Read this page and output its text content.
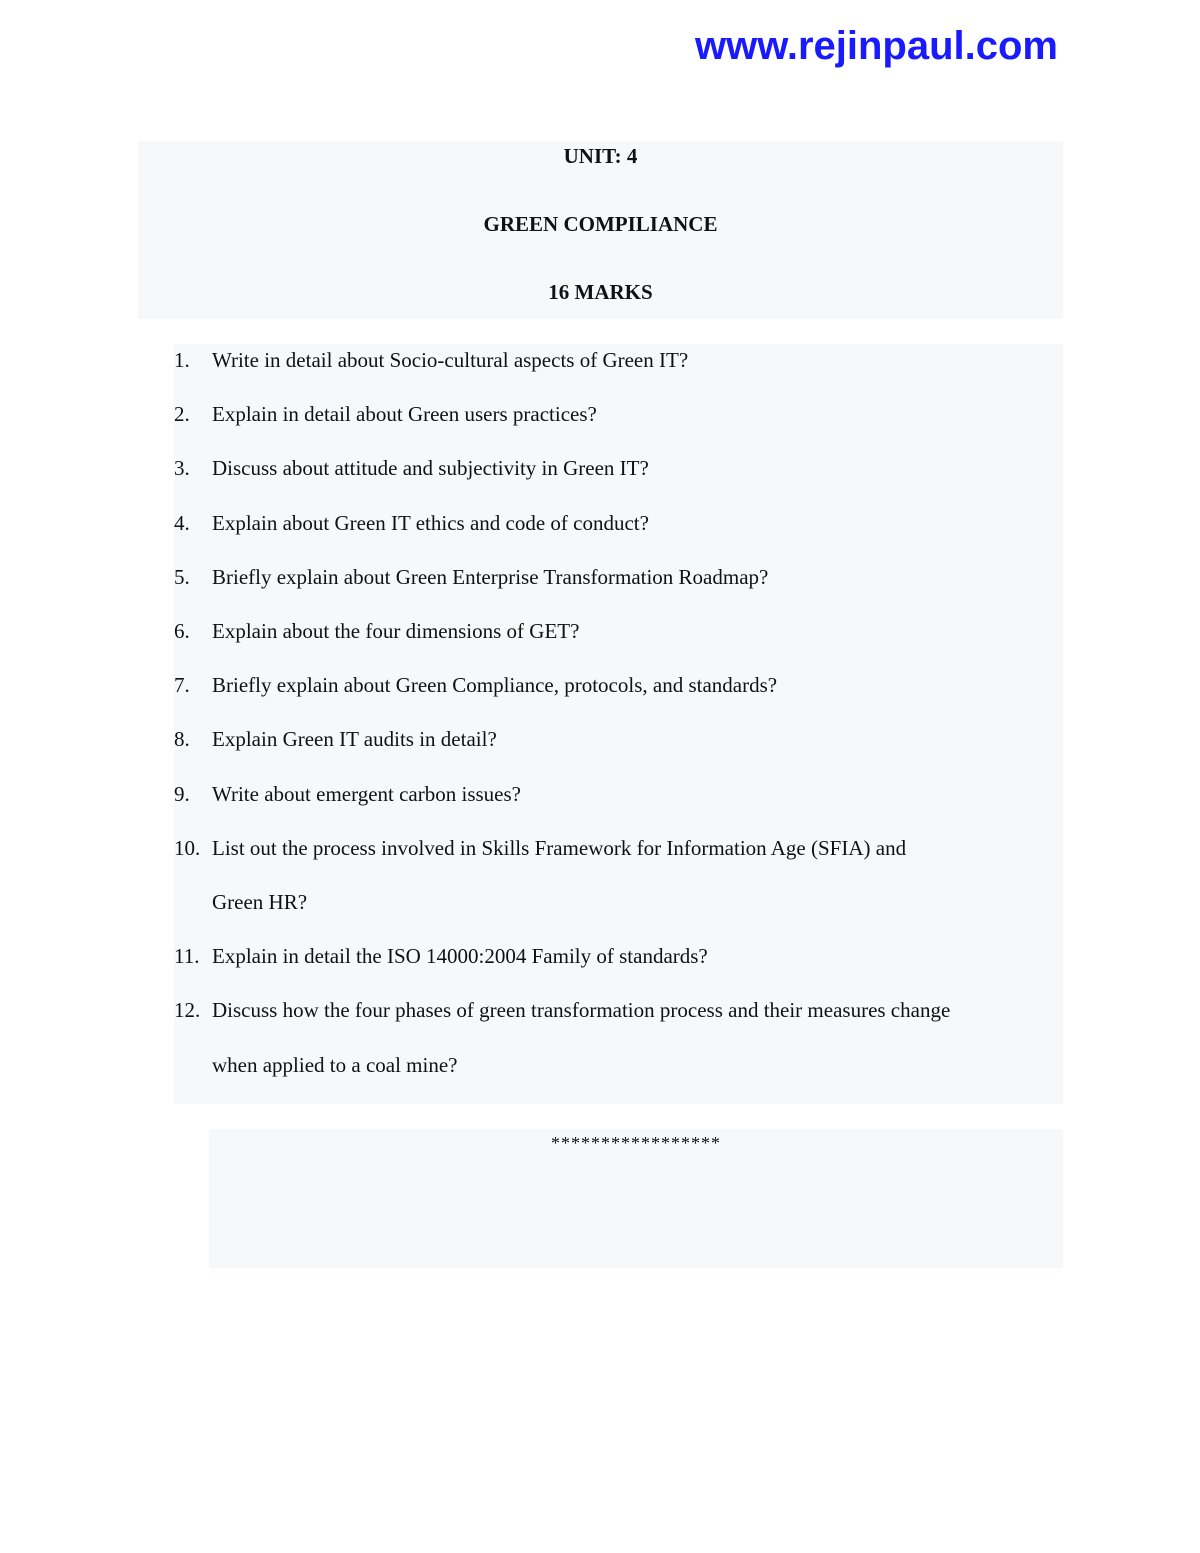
www.rejinpaul.com
UNIT: 4
GREEN COMPILIANCE
16 MARKS
1. Write in detail about Socio-cultural aspects of Green IT?
2. Explain in detail about Green users practices?
3. Discuss about attitude and subjectivity in Green IT?
4. Explain about Green IT ethics and code of conduct?
5. Briefly explain about Green Enterprise Transformation Roadmap?
6. Explain about the four dimensions of GET?
7. Briefly explain about Green Compliance, protocols, and standards?
8. Explain Green IT audits in detail?
9. Write about emergent carbon issues?
10.List out the process involved in Skills Framework for Information Age (SFIA) and
Green HR?
11. Explain in detail the ISO 14000:2004 Family of standards?
12. Discuss how the four phases of green transformation process and their measures change
when applied to a coal mine?
*****************
